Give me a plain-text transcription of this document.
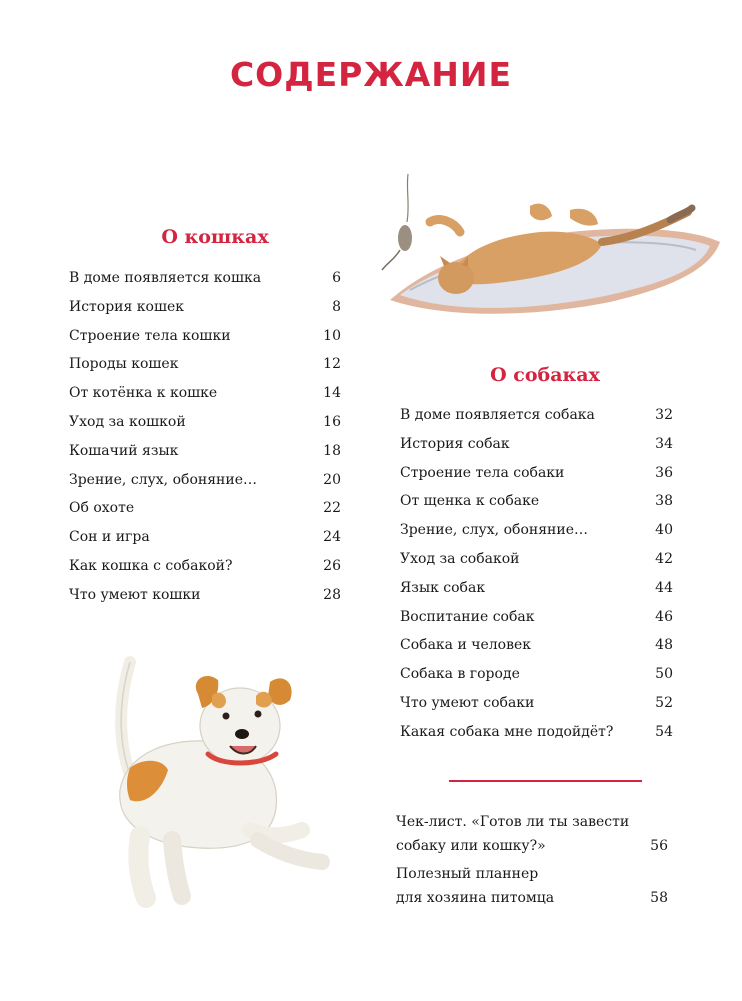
СОДЕРЖАНИЕ
О кошках
В доме появляется кошка	6
История кошек	8
Строение тела кошки	10
Породы кошек	12
От котёнка к кошке	14
Уход за кошкой	16
Кошачий язык	18
Зрение, слух, обоняние…	20
Об охоте	22
Сон и игра	24
Как кошка с собакой?	26
Что умеют кошки	28
О собаках
В доме появляется собака	32
История собак	34
Строение тела собаки	36
От щенка к собаке	38
Зрение, слух, обоняние…	40
Уход за собакой	42
Язык собак	44
Воспитание собак	46
Собака и человек	48
Собака в городе	50
Что умеют собаки	52
Какая собака мне подойдёт?	54
Чек-лист. «Готов ли ты завести
собаку или кошку?»	56
Полезный планнер
для хозяина питомца	58
